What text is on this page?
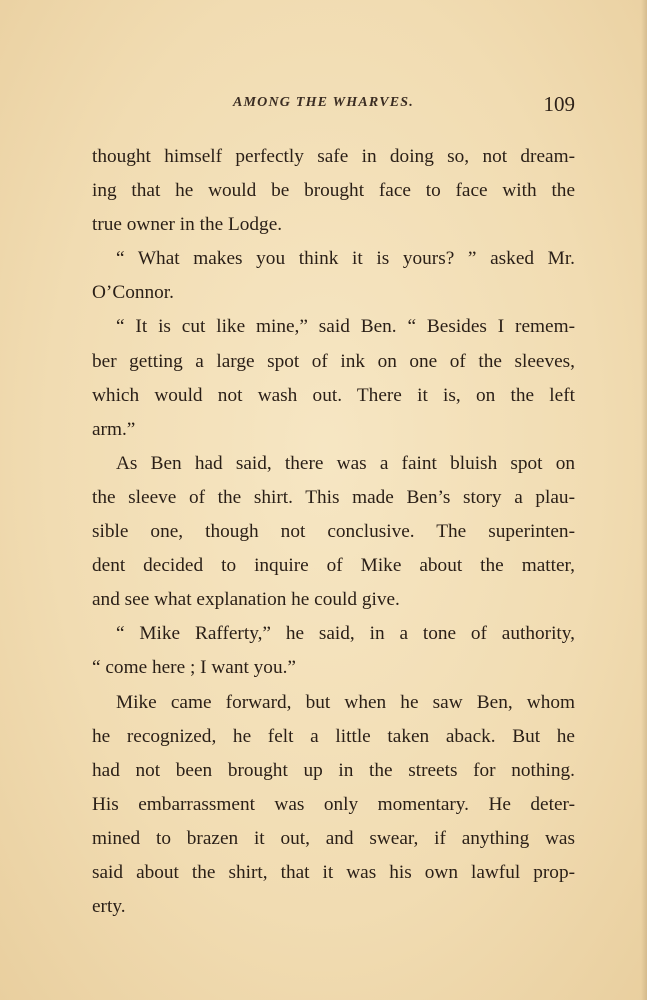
AMONG THE WHARVES.	109
thought himself perfectly safe in doing so, not dream-
ing that he would be brought face to face with the
true owner in the Lodge.
“ What makes you think it is yours? ” asked Mr.
O’Connor.
“ It is cut like mine,” said Ben. “ Besides I remem-
ber getting a large spot of ink on one of the sleeves,
which would not wash out. There it is, on the left
arm.”
As Ben had said, there was a faint bluish spot on
the sleeve of the shirt. This made Ben’s story a plau-
sible one, though not conclusive. The superinten-
dent decided to inquire of Mike about the matter,
and see what explanation he could give.
“ Mike Rafferty,” he said, in a tone of authority,
“ come here ; I want you.”
Mike came forward, but when he saw Ben, whom
he recognized, he felt a little taken aback. But he
had not been brought up in the streets for nothing.
His embarrassment was only momentary. He deter-
mined to brazen it out, and swear, if anything was
said about the shirt, that it was his own lawful prop-
erty.
